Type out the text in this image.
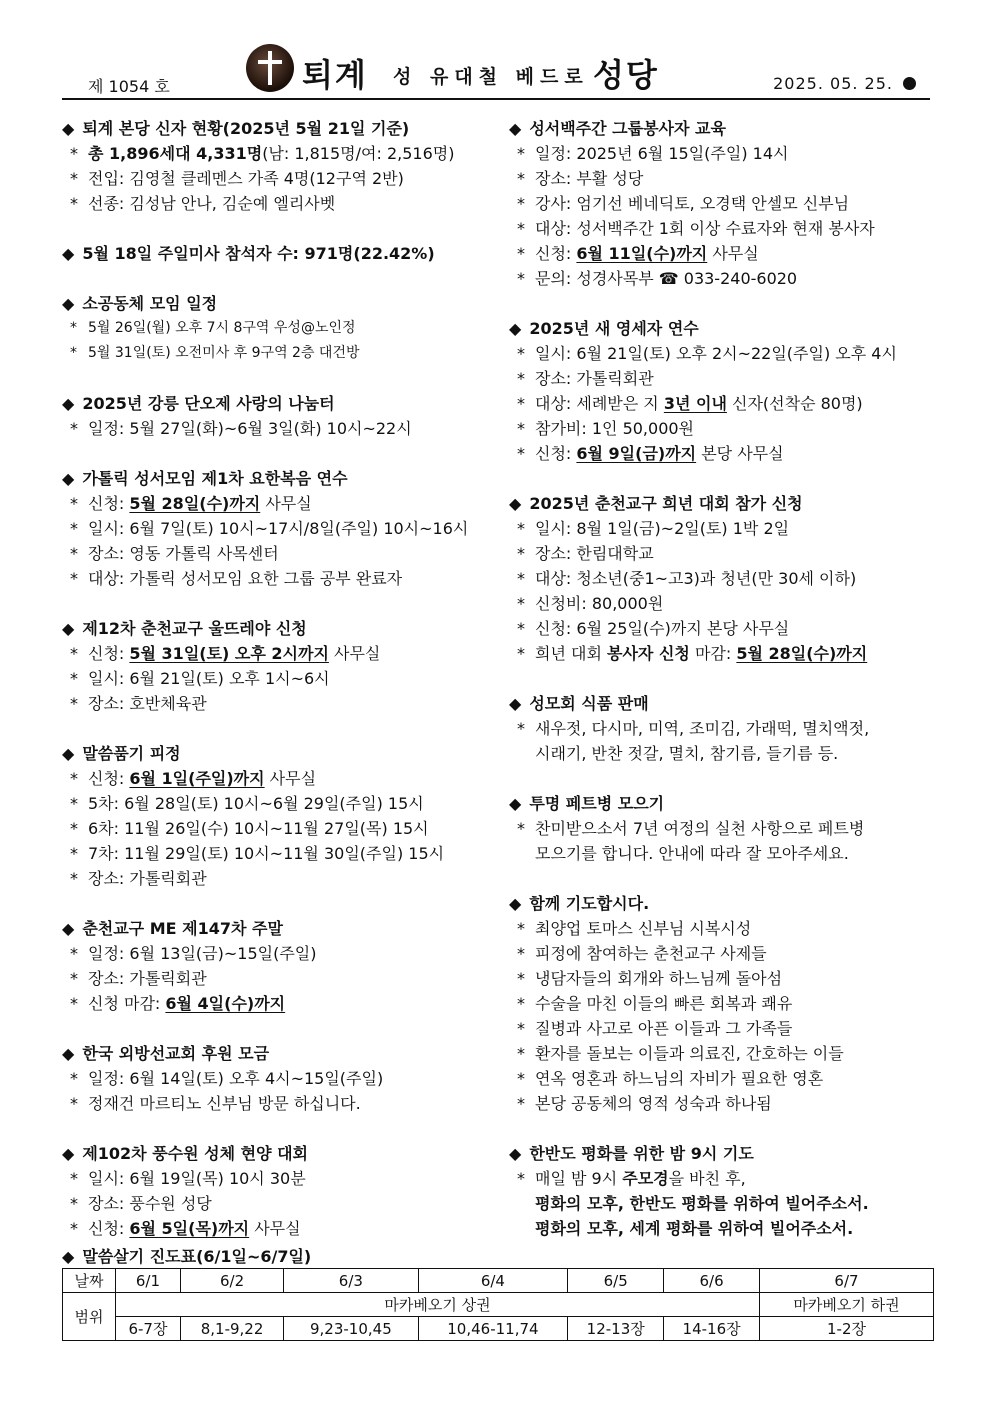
제 1054 호	퇴계 성 유대철 베드로 성당	2025. 05. 25.
◆ 퇴계 본당 신자 현황(2025년 5월 21일 기준)
* 총 1,896세대 4,331명(남: 1,815명/여: 2,516명)
* 전입: 김영철 클레멘스 가족 4명(12구역 2반)
* 선종: 김성남 안나, 김순예 엘리사벳
◆ 5월 18일 주일미사 참석자 수: 971명(22.42%)
◆ 소공동체 모임 일정
* 5월 26일(월) 오후 7시 8구역 우성@노인정
* 5월 31일(토) 오전미사 후 9구역 2층 대건방
◆ 2025년 강릉 단오제 사랑의 나눔터
* 일정: 5월 27일(화)~6월 3일(화) 10시~22시
◆ 가톨릭 성서모임 제1차 요한복음 연수
* 신청: 5월 28일(수)까지 사무실
* 일시: 6월 7일(토) 10시~17시/8일(주일) 10시~16시
* 장소: 영동 가톨릭 사목센터
* 대상: 가톨릭 성서모임 요한 그룹 공부 완료자
◆ 제12차 춘천교구 울뜨레야 신청
* 신청: 5월 31일(토) 오후 2시까지 사무실
* 일시: 6월 21일(토) 오후 1시~6시
* 장소: 호반체육관
◆ 말씀품기 피정
* 신청: 6월 1일(주일)까지 사무실
* 5차: 6월 28일(토) 10시~6월 29일(주일) 15시
* 6차: 11월 26일(수) 10시~11월 27일(목) 15시
* 7차: 11월 29일(토) 10시~11월 30일(주일) 15시
* 장소: 가톨릭회관
◆ 춘천교구 ME 제147차 주말
* 일정: 6월 13일(금)~15일(주일)
* 장소: 가톨릭회관
* 신청 마감: 6월 4일(수)까지
◆ 한국 외방선교회 후원 모금
* 일정: 6월 14일(토) 오후 4시~15일(주일)
* 정재건 마르티노 신부님 방문 하십니다.
◆ 제102차 풍수원 성체 현양 대회
* 일시: 6월 19일(목) 10시 30분
* 장소: 풍수원 성당
* 신청: 6월 5일(목)까지 사무실
◆ 성서백주간 그룹봉사자 교육
* 일정: 2025년 6월 15일(주일) 14시
* 장소: 부활 성당
* 강사: 엄기선 베네딕토, 오경택 안셀모 신부님
* 대상: 성서백주간 1회 이상 수료자와 현재 봉사자
* 신청: 6월 11일(수)까지 사무실
* 문의: 성경사목부 ☎ 033-240-6020
◆ 2025년 새 영세자 연수
* 일시: 6월 21일(토) 오후 2시~22일(주일) 오후 4시
* 장소: 가톨릭회관
* 대상: 세례받은 지 3년 이내 신자(선착순 80명)
* 참가비: 1인 50,000원
* 신청: 6월 9일(금)까지 본당 사무실
◆ 2025년 춘천교구 희년 대회 참가 신청
* 일시: 8월 1일(금)~2일(토) 1박 2일
* 장소: 한림대학교
* 대상: 청소년(중1~고3)과 청년(만 30세 이하)
* 신청비: 80,000원
* 신청: 6월 25일(수)까지 본당 사무실
* 희년 대회 봉사자 신청 마감: 5월 28일(수)까지
◆ 성모회 식품 판매
* 새우젓, 다시마, 미역, 조미김, 가래떡, 멸치액젓,
시래기, 반찬 젓갈, 멸치, 참기름, 들기름 등.
◆ 투명 페트병 모으기
* 찬미받으소서 7년 여정의 실천 사항으로 페트병
모으기를 합니다. 안내에 따라 잘 모아주세요.
◆ 함께 기도합시다.
* 최양업 토마스 신부님 시복시성
* 피정에 참여하는 춘천교구 사제들
* 냉담자들의 회개와 하느님께 돌아섬
* 수술을 마친 이들의 빠른 회복과 쾌유
* 질병과 사고로 아픈 이들과 그 가족들
* 환자를 돌보는 이들과 의료진, 간호하는 이들
* 연옥 영혼과 하느님의 자비가 필요한 영혼
* 본당 공동체의 영적 성숙과 하나됨
◆ 한반도 평화를 위한 밤 9시 기도
* 매일 밤 9시 주모경을 바친 후,
평화의 모후, 한반도 평화를 위하여 빌어주소서.
평화의 모후, 세계 평화를 위하여 빌어주소서.
◆ 말씀살기 진도표(6/1일~6/7일)
날짜	6/1	6/2	6/3	6/4	6/5	6/6	6/7
범위	마카베오기 상권						마카베오기 하권
	6-7장	8,1-9,22	9,23-10,45	10,46-11,74	12-13장	14-16장	1-2장
